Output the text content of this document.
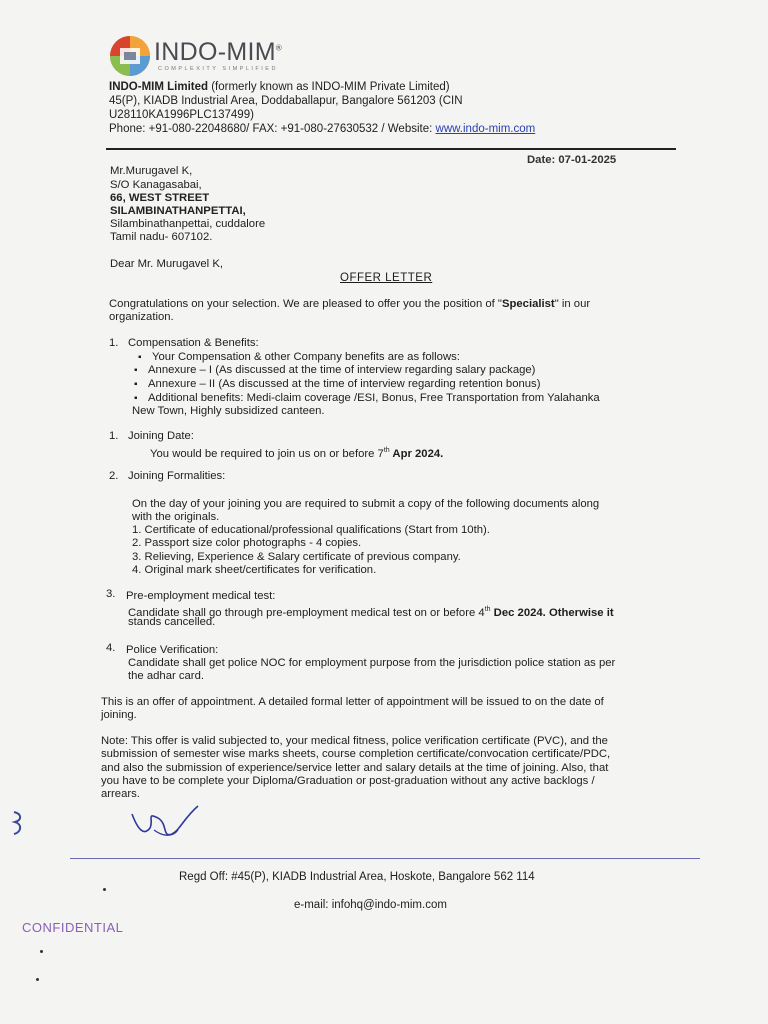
INDO-MIM®
COMPLEXITY SIMPLIFIED
INDO-MIM Limited (formerly known as INDO-MIM Private Limited)
45(P), KIADB Industrial Area, Doddaballapur, Bangalore 561203 (CIN
U28110KA1996PLC137499)
Phone: +91-080-22048680/ FAX: +91-080-27630532 / Website: www.indo-mim.com
Date: 07-01-2025
Mr.Murugavel K,
S/O Kanagasabai,
66, WEST STREET
SILAMBINATHANPETTAI,
Silambinathanpettai, cuddalore
Tamil nadu- 607102.
Dear Mr. Murugavel K,
OFFER LETTER
Congratulations on your selection. We are pleased to offer you the position of "Specialist" in our
organization.
1. Compensation & Benefits:
▪ Your Compensation & other Company benefits are as follows:
▪ Annexure – I (As discussed at the time of interview regarding salary package)
▪ Annexure – II (As discussed at the time of interview regarding retention bonus)
▪ Additional benefits: Medi-claim coverage /ESI, Bonus, Free Transportation from Yalahanka
New Town, Highly subsidized canteen.
1. Joining Date:
You would be required to join us on or before 7th Apr 2024.
2. Joining Formalities:
On the day of your joining you are required to submit a copy of the following documents along
with the originals.
1. Certificate of educational/professional qualifications (Start from 10th).
2. Passport size color photographs - 4 copies.
3. Relieving, Experience & Salary certificate of previous company.
4. Original mark sheet/certificates for verification.
3. Pre-employment medical test:
Candidate shall go through pre-employment medical test on or before 4th Dec 2024. Otherwise it
stands cancelled.
4. Police Verification:
Candidate shall get police NOC for employment purpose from the jurisdiction police station as per
the adhar card.
This is an offer of appointment. A detailed formal letter of appointment will be issued to on the date of
joining.
Note: This offer is valid subjected to, your medical fitness, police verification certificate (PVC), and the
submission of semester wise marks sheets, course completion certificate/convocation certificate/PDC,
and also the submission of experience/service letter and salary details at the time of joining. Also, that
you have to be complete your Diploma/Graduation or post-graduation without any active backlogs /
arrears.
Regd Off: #45(P), KIADB Industrial Area, Hoskote, Bangalore 562 114
e-mail: infohq@indo-mim.com
CONFIDENTIAL
